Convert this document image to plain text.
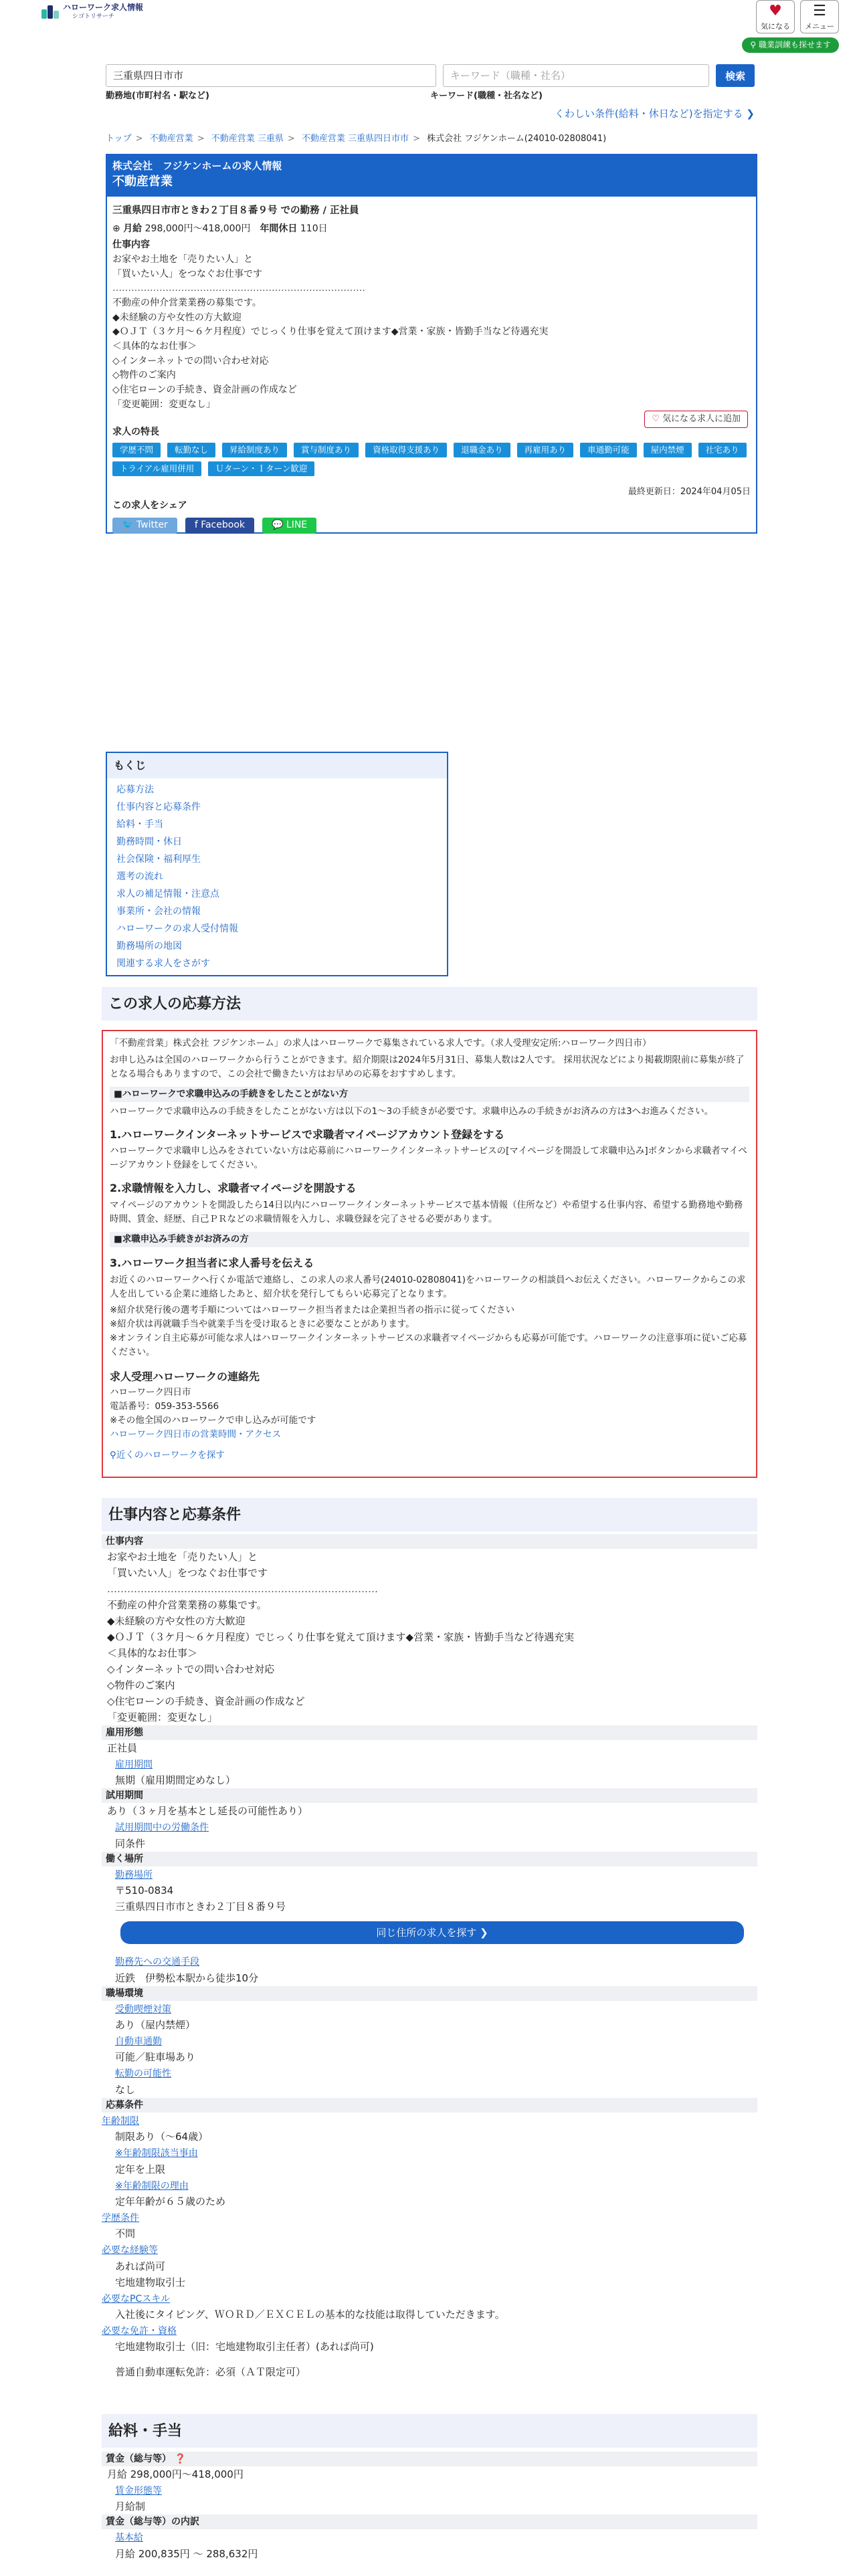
ハローワーク求人情報
シゴトリサーチ	♥
気になる
☰
メニュー
⚲ 職業訓練も探せます
三重県四日市市	キーワード（職種・社名）	検索
勤務地(市町村名・駅など)	キーワード(職種・社名など)
くわしい条件(給料・休日など)を指定する ❯
トップ > 不動産営業 > 不動産営業 三重県 > 不動産営業 三重県四日市市 > 株式会社 フジケンホーム(24010-02808041)
株式会社　フジケンホームの求人情報
不動産営業
三重県四日市市ときわ２丁目８番９号 での勤務 / 正社員
⊕ 月給 298,000円〜418,000円　 年間休日 110日
仕事内容
お家やお土地を「売りたい人」と
「買いたい人」をつなぐお仕事です
………………………………………………………………………
不動産の仲介営業業務の募集です。
◆未経験の方や女性の方大歓迎
◆ＯＪＴ（３ケ月〜６ケ月程度）でじっくり仕事を覚えて頂けます◆営業・家族・皆勤手当など待遇充実
＜具体的なお仕事＞
◇インターネットでの問い合わせ対応
◇物件のご案内
◇住宅ローンの手続き、資金計画の作成など
「変更範囲：変更なし」
♡ 気になる求人に追加
求人の特長
学歴不問	転勤なし	昇給制度あり	賞与制度あり	資格取得支援あり	退職金あり	再雇用あり	車通勤可能	屋内禁煙	社宅あり
トライアル雇用併用	Ｕターン・Ｉターン歓迎
最終更新日：2024年04月05日
この求人をシェア
🐦 Twitter	f Facebook	💬 LINE
もくじ
応募方法
仕事内容と応募条件
給料・手当
勤務時間・休日
社会保険・福利厚生
選考の流れ
求人の補足情報・注意点
事業所・会社の情報
ハローワークの求人受付情報
勤務場所の地図
関連する求人をさがす
この求人の応募方法

「不動産営業」株式会社 フジケンホーム」の求人はハローワークで募集されている求人です。（求人受理安定所:ハローワーク四日市）

お申し込みは全国のハローワークから行うことができます。紹介期限は2024年5月31日、募集人数は2人です。 採用状況などにより掲載期限前に募集が終了となる場合もありますので、この会社で働きたい方はお早めの応募をおすすめします。

■ハローワークで求職申込みの手続きをしたことがない方

ハローワークで求職申込みの手続きをしたことがない方は以下の1〜3の手続きが必要です。求職申込みの手続きがお済みの方は3へお進みください。

1.ハローワークインターネットサービスで求職者マイページアカウント登録をする

ハローワークで求職申し込みをされていない方は応募前にハローワークインターネットサービスの[マイページを開設して求職申込み]ボタンから求職者マイページアカウント登録をしてください。

2.求職情報を入力し、求職者マイページを開設する

マイページのアカウントを開設したら14日以内にハローワークインターネットサービスで基本情報（住所など）や希望する仕事内容、希望する勤務地や勤務時間、賃金、経歴、自己ＰＲなどの求職情報を入力し、求職登録を完了させる必要があります。

■求職申込み手続きがお済みの方
3.ハローワーク担当者に求人番号を伝える

お近くのハローワークへ行くか電話で連絡し、この求人の求人番号(24010-02808041)をハローワークの相談員へお伝えください。ハローワークからこの求人を出している企業に連絡したあと、紹介状を発行してもらい応募完了となります。

※紹介状発行後の選考手順についてはハローワーク担当者または企業担当者の指示に従ってください
※紹介状は再就職手当や就業手当を受け取るときに必要なことがあります。
※オンライン自主応募が可能な求人はハローワークインターネットサービスの求職者マイページからも応募が可能です。ハローワークの注意事項に従いご応募ください。
求人受理ハローワークの連絡先
ハローワーク四日市
電話番号：059-353-5566
※その他全国のハローワークで申し込みが可能です
ハローワーク四日市の営業時間・アクセス
⚲近くのハローワークを探す
仕事内容と応募条件
仕事内容
お家やお土地を「売りたい人」と
「買いたい人」をつなぐお仕事です
………………………………………………………………………
不動産の仲介営業業務の募集です。
◆未経験の方や女性の方大歓迎
◆ＯＪＴ（３ケ月〜６ケ月程度）でじっくり仕事を覚えて頂けます◆営業・家族・皆勤手当など待遇充実
＜具体的なお仕事＞
◇インターネットでの問い合わせ対応
◇物件のご案内
◇住宅ローンの手続き、資金計画の作成など
「変更範囲：変更なし」
雇用形態
正社員
雇用期間
無期（雇用期間定めなし）
試用期間
あり（３ヶ月を基本とし延長の可能性あり）
試用期間中の労働条件
同条件
働く場所
勤務場所
〒510-0834
三重県四日市市ときわ２丁目８番９号
同じ住所の求人を探す ❯
勤務先への交通手段
近鉄　伊勢松本駅から徒歩10分
職場環境
受動喫煙対策
あり（屋内禁煙）
自動車通勤
可能／駐車場あり
転勤の可能性
なし
応募条件
年齢制限
制限あり（〜64歳）
※年齢制限該当事由
定年を上限
※年齢制限の理由
定年年齢が６５歳のため
学歴条件
不問
必要な経験等
あれば尚可
宅地建物取引士
必要なPCスキル
入社後にタイピング、ＷＯＲＤ／ＥＸＣＥＬの基本的な技能は取得していただきます。
必要な免許・資格
宅地建物取引士（旧：宅地建物取引主任者）(あれば尚可)
普通自動車運転免許：必須（ＡＴ限定可）
給料・手当
賃金（総与等） ❓
月給 298,000円〜418,000円
賃金形態等
月給制
賃金（総与等）の内訳
基本給
月給 200,835円 〜 288,632円
